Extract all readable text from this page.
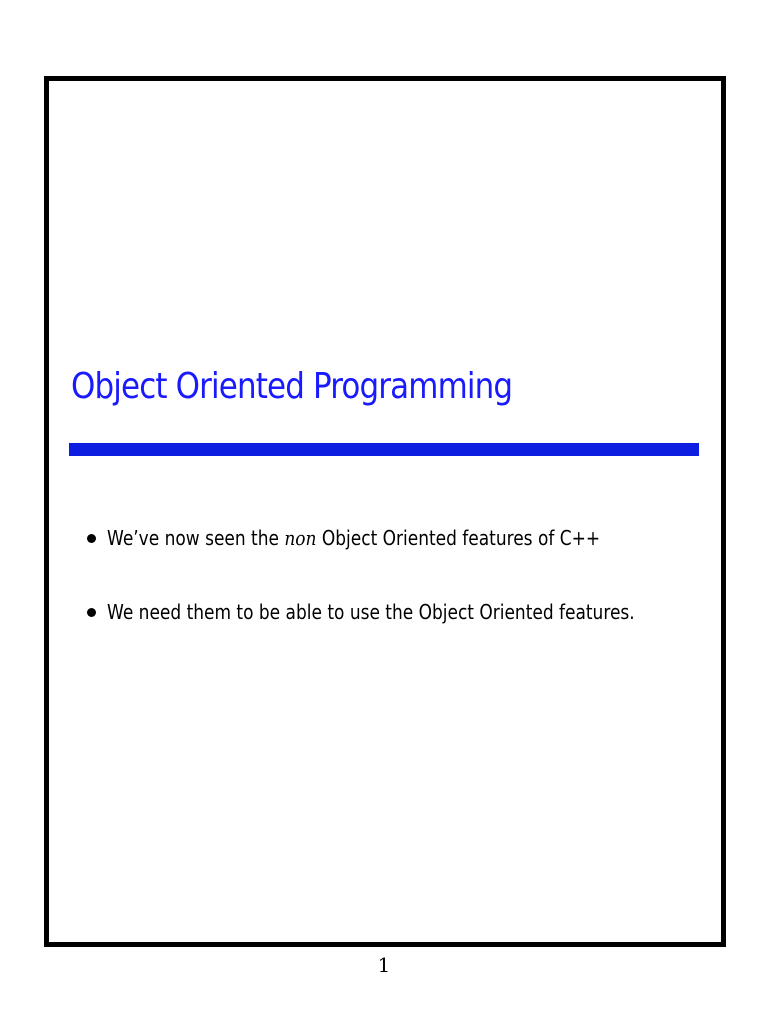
Object Oriented Programming
We’ve now seen the non Object Oriented features of C++
We need them to be able to use the Object Oriented features.
1
